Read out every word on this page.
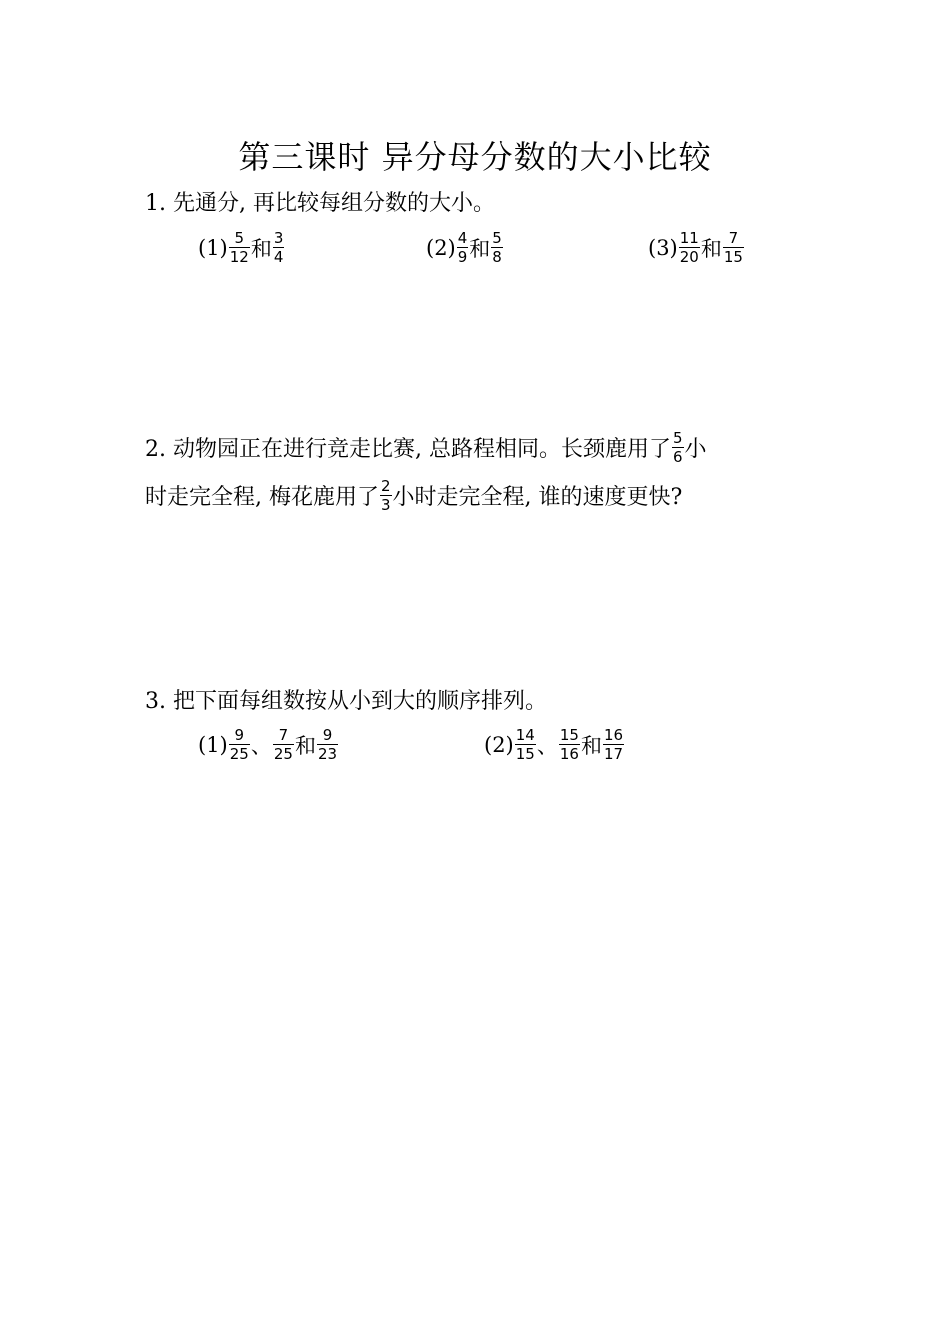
第三课时 异分母分数的大小比较
1. 先通分, 再比较每组分数的大小。
$(1) \frac{5}{12}$ 和 $\frac{3}{4}$	$(2) \frac{4}{9}$ 和 $\frac{5}{8}$	$(3) \frac{11}{20}$ 和 $\frac{7}{15}$
2. 动物园正在进行竞走比赛, 总路程相同。长颈鹿用了 $\frac{5}{6}$ 小
时走完全程, 梅花鹿用了 $\frac{2}{3}$ 小时走完全程, 谁的速度更快?
3. 把下面每组数按从小到大的顺序排列。
$(1) \frac{9}{25}$ 、 $\frac{7}{25}$ 和 $\frac{9}{23}$	$(2) \frac{14}{15}$ 、 $\frac{15}{16}$ 和 $\frac{16}{17}$
